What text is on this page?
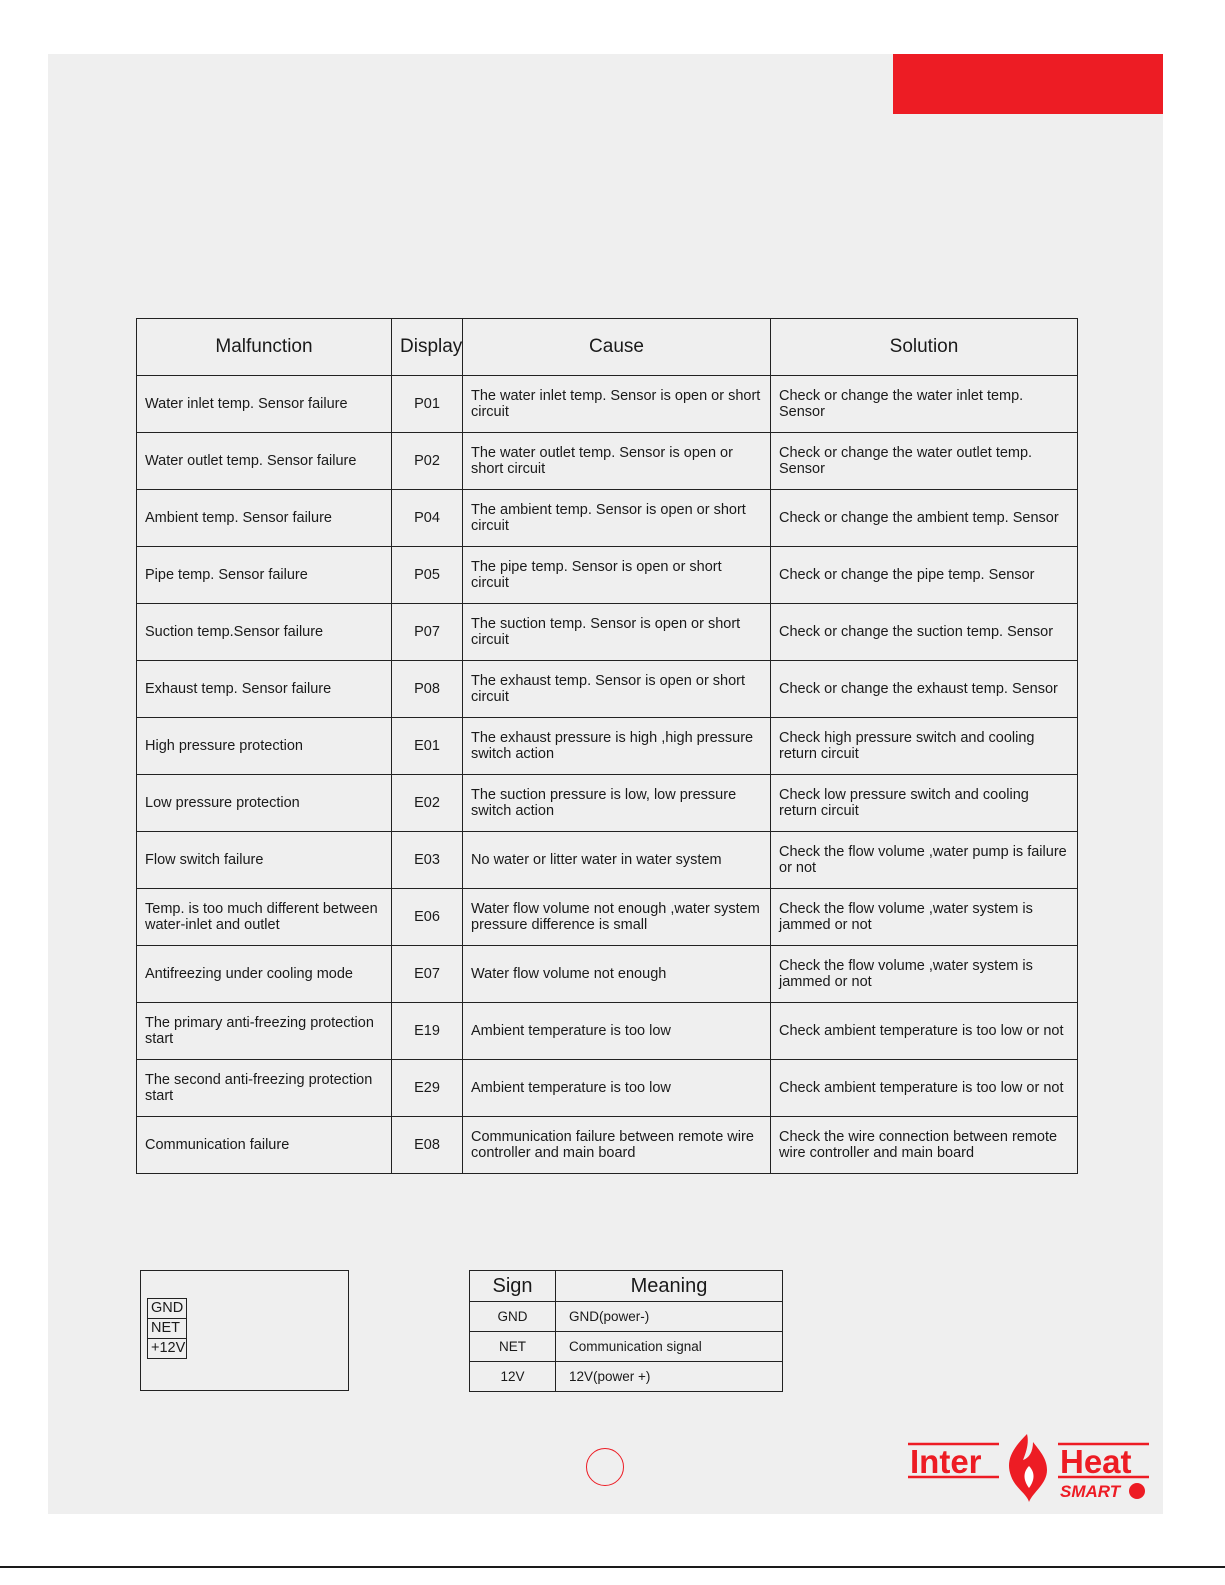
Malfunction	Display	Cause	Solution
Water inlet temp. Sensor failure	P01	The water inlet temp. Sensor is open or short circuit	Check or change the water inlet temp. Sensor
Water outlet temp. Sensor failure	P02	The water outlet temp. Sensor is open or short circuit	Check or change the water outlet temp. Sensor
Ambient temp. Sensor failure	P04	The ambient temp. Sensor is open or short circuit	Check or change the ambient temp. Sensor
Pipe temp. Sensor failure	P05	The pipe temp. Sensor is open or short circuit	Check or change the pipe temp. Sensor
Suction temp.Sensor failure	P07	The suction temp. Sensor is open or short circuit	Check or change the suction temp. Sensor
Exhaust temp. Sensor failure	P08	The exhaust temp. Sensor is open or short circuit	Check or change the exhaust temp. Sensor
High pressure protection	E01	The exhaust pressure is high ,high pressure switch action	Check high pressure switch and cooling return circuit
Low pressure protection	E02	The suction pressure is low, low pressure switch action	Check low pressure switch and cooling return circuit
Flow switch failure	E03	No water or litter water in water system	Check the flow volume ,water pump is failure or not
Temp. is too much different between water-inlet and outlet	E06	Water flow volume not enough ,water system pressure difference is small	Check the flow volume ,water system is jammed or not
Antifreezing under cooling mode	E07	Water flow volume not enough	Check the flow volume ,water system is jammed or not
The primary anti-freezing protection start	E19	Ambient temperature is too low	Check ambient temperature is too low or not
The second anti-freezing protection start	E29	Ambient temperature is too low	Check ambient temperature is too low or not
Communication failure	E08	Communication failure between remote wire controller and main board	Check the wire connection between remote wire controller and main board
GND
NET
+12V
Sign	Meaning
GND	GND(power-)
NET	Communication signal
12V	12V(power +)
Inter Heat
SMART
